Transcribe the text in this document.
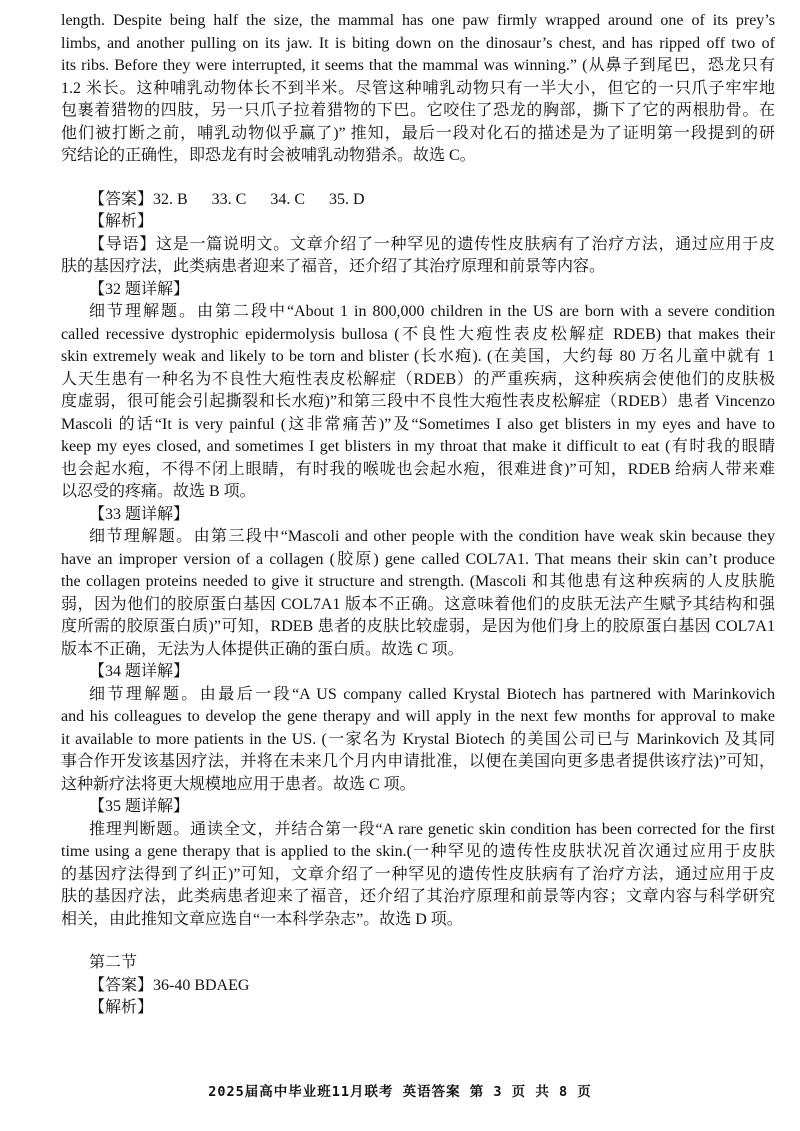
length. Despite being half the size, the mammal has one paw firmly wrapped around one of its prey’s
limbs, and another pulling on its jaw. It is biting down on the dinosaur’s chest, and has ripped off two of
its ribs. Before they were interrupted, it seems that the mammal was winning.” (从鼻子到尾巴，恐龙只有
1.2 米长。这种哺乳动物体长不到半米。尽管这种哺乳动物只有一半大小，但它的一只爪子牢牢地
包裹着猎物的四肢，另一只爪子拉着猎物的下巴。它咬住了恐龙的胸部，撕下了它的两根肋骨。在
他们被打断之前，哺乳动物似乎赢了)” 推知，最后一段对化石的描述是为了证明第一段提到的研
究结论的正确性，即恐龙有时会被哺乳动物猎杀。故选 C。
【答案】32. B      33. C      34. C      35. D
【解析】
【导语】这是一篇说明文。文章介绍了一种罕见的遗传性皮肤病有了治疗方法，通过应用于皮
肤的基因疗法，此类病患者迎来了福音，还介绍了其治疗原理和前景等内容。
【32 题详解】
细节理解题。由第二段中“About 1 in 800,000 children in the US are born with a severe condition
called recessive dystrophic epidermolysis bullosa (不良性大疱性表皮松解症 RDEB) that makes their
skin extremely weak and likely to be torn and blister (长水疱). (在美国，大约每 80 万名儿童中就有 1
人天生患有一种名为不良性大疱性表皮松解症（RDEB）的严重疾病，这种疾病会使他们的皮肤极
度虚弱，很可能会引起撕裂和长水疱)”和第三段中不良性大疱性表皮松解症（RDEB）患者 Vincenzo
Mascoli 的话“It is very painful (这非常痛苦)”及“Sometimes I also get blisters in my eyes and have to
keep my eyes closed, and sometimes I get blisters in my throat that make it difficult to eat (有时我的眼睛
也会起水疱，不得不闭上眼睛，有时我的喉咙也会起水疱，很难进食)”可知，RDEB 给病人带来难
以忍受的疼痛。故选 B 项。
【33 题详解】
细节理解题。由第三段中“Mascoli and other people with the condition have weak skin because they
have an improper version of a collagen (胶原) gene called COL7A1. That means their skin can’t produce
the collagen proteins needed to give it structure and strength. (Mascoli 和其他患有这种疾病的人皮肤脆
弱，因为他们的胶原蛋白基因 COL7A1 版本不正确。这意味着他们的皮肤无法产生赋予其结构和强
度所需的胶原蛋白质)”可知，RDEB 患者的皮肤比较虚弱，是因为他们身上的胶原蛋白基因 COL7A1
版本不正确，无法为人体提供正确的蛋白质。故选 C 项。
【34 题详解】
细节理解题。由最后一段“A US company called Krystal Biotech has partnered with Marinkovich
and his colleagues to develop the gene therapy and will apply in the next few months for approval to make
it available to more patients in the US. (一家名为 Krystal Biotech 的美国公司已与 Marinkovich 及其同
事合作开发该基因疗法，并将在未来几个月内申请批准，以便在美国向更多患者提供该疗法)”可知，
这种新疗法将更大规模地应用于患者。故选 C 项。
【35 题详解】
推理判断题。通读全文，并结合第一段“A rare genetic skin condition has been corrected for the first
time using a gene therapy that is applied to the skin.(一种罕见的遗传性皮肤状况首次通过应用于皮肤
的基因疗法得到了纠正)”可知，文章介绍了一种罕见的遗传性皮肤病有了治疗方法，通过应用于皮
肤的基因疗法，此类病患者迎来了福音，还介绍了其治疗原理和前景等内容；文章内容与科学研究
相关，由此推知文章应选自“一本科学杂志”。故选 D 项。
第二节
【答案】36-40 BDAEG
【解析】
2025届高中毕业班11月联考 英语答案 第 3 页 共 8 页
